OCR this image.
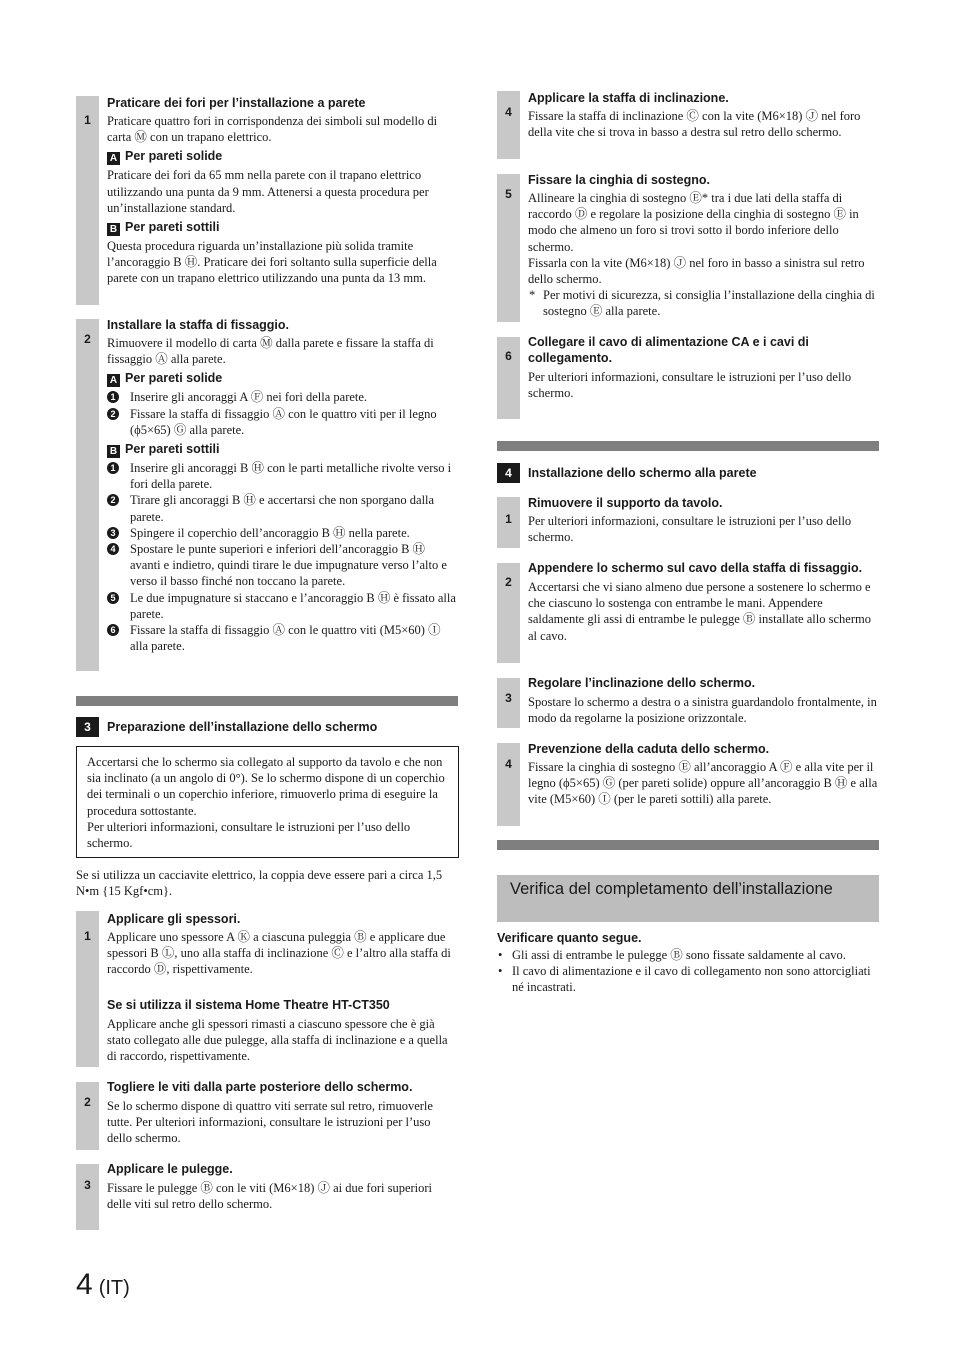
1
Praticare dei fori per l’installazione a parete
Praticare quattro fori in corrispondenza dei simboli sul modello di carta Ⓜ con un trapano elettrico.
A Per pareti solide
Praticare dei fori da 65 mm nella parete con il trapano elettrico utilizzando una punta da 9 mm. Attenersi a questa procedura per un’installazione standard.
B Per pareti sottili
Questa procedura riguarda un’installazione più solida tramite l’ancoraggio B Ⓗ. Praticare dei fori soltanto sulla superficie della parete con un trapano elettrico utilizzando una punta da 13 mm.
2
Installare la staffa di fissaggio.
Rimuovere il modello di carta Ⓜ dalla parete e fissare la staffa di fissaggio Ⓐ alla parete.
A Per pareti solide
1 Inserire gli ancoraggi A Ⓕ nei fori della parete.
2 Fissare la staffa di fissaggio Ⓐ con le quattro viti per il legno (ϕ5×65) Ⓖ alla parete.
B Per pareti sottili
1 Inserire gli ancoraggi B Ⓗ con le parti metalliche rivolte verso i fori della parete.
2 Tirare gli ancoraggi B Ⓗ e accertarsi che non sporgano dalla parete.
3 Spingere il coperchio dell’ancoraggio B Ⓗ nella parete.
4 Spostare le punte superiori e inferiori dell’ancoraggio B Ⓗ avanti e indietro, quindi tirare le due impugnature verso l’alto e verso il basso finché non toccano la parete.
5 Le due impugnature si staccano e l’ancoraggio B Ⓗ è fissato alla parete.
6 Fissare la staffa di fissaggio Ⓐ con le quattro viti (M5×60) Ⓘ alla parete.
3	Preparazione dell’installazione dello schermo
Accertarsi che lo schermo sia collegato al supporto da tavolo e che non sia inclinato (a un angolo di 0°). Se lo schermo dispone di un coperchio dei terminali o un coperchio inferiore, rimuoverlo prima di eseguire la procedura sottostante.
Per ulteriori informazioni, consultare le istruzioni per l’uso dello schermo.
Se si utilizza un cacciavite elettrico, la coppia deve essere pari a circa 1,5 N•m {15 Kgf•cm}.
1
Applicare gli spessori.
Applicare uno spessore A Ⓚ a ciascuna puleggia Ⓑ e applicare due spessori B Ⓛ, uno alla staffa di inclinazione Ⓒ e l’altro alla staffa di raccordo Ⓓ, rispettivamente.
Se si utilizza il sistema Home Theatre HT-CT350
Applicare anche gli spessori rimasti a ciascuno spessore che è già stato collegato alle due pulegge, alla staffa di inclinazione e a quella di raccordo, rispettivamente.
2
Togliere le viti dalla parte posteriore dello schermo.
Se lo schermo dispone di quattro viti serrate sul retro, rimuoverle tutte. Per ulteriori informazioni, consultare le istruzioni per l’uso dello schermo.
3
Applicare le pulegge.
Fissare le pulegge Ⓑ con le viti (M6×18) Ⓙ ai due fori superiori delle viti sul retro dello schermo.
4
Applicare la staffa di inclinazione.
Fissare la staffa di inclinazione Ⓒ con la vite (M6×18) Ⓙ nel foro della vite che si trova in basso a destra sul retro dello schermo.
5
Fissare la cinghia di sostegno.
Allineare la cinghia di sostegno Ⓔ* tra i due lati della staffa di raccordo Ⓓ e regolare la posizione della cinghia di sostegno Ⓔ in modo che almeno un foro si trovi sotto il bordo inferiore dello schermo.
Fissarla con la vite (M6×18) Ⓙ nel foro in basso a sinistra sul retro dello schermo.
* Per motivi di sicurezza, si consiglia l’installazione della cinghia di sostegno Ⓔ alla parete.
6
Collegare il cavo di alimentazione CA e i cavi di collegamento.
Per ulteriori informazioni, consultare le istruzioni per l’uso dello schermo.
4	Installazione dello schermo alla parete
1
Rimuovere il supporto da tavolo.
Per ulteriori informazioni, consultare le istruzioni per l’uso dello schermo.
2
Appendere lo schermo sul cavo della staffa di fissaggio.
Accertarsi che vi siano almeno due persone a sostenere lo schermo e che ciascuno lo sostenga con entrambe le mani. Appendere saldamente gli assi di entrambe le pulegge Ⓑ installate allo schermo al cavo.
3
Regolare l’inclinazione dello schermo.
Spostare lo schermo a destra o a sinistra guardandolo frontalmente, in modo da regolarne la posizione orizzontale.
4
Prevenzione della caduta dello schermo.
Fissare la cinghia di sostegno Ⓔ all’ancoraggio A Ⓕ e alla vite per il legno (ϕ5×65) Ⓖ (per pareti solide) oppure all’ancoraggio B Ⓗ e alla vite (M5×60) Ⓘ (per le pareti sottili) alla parete.
Verifica del completamento dell’installazione
Verificare quanto segue.
• Gli assi di entrambe le pulegge Ⓑ sono fissate saldamente al cavo.
• Il cavo di alimentazione e il cavo di collegamento non sono attorcigliati né incastrati.
4 (IT)
